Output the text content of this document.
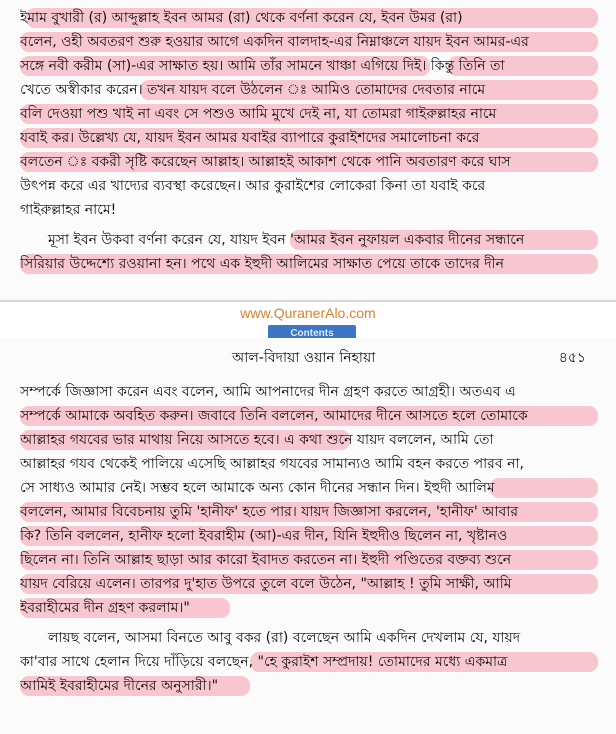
www.QuranerAlo.com
Contents
ইমাম বুখারী (র) আব্দুল্লাহ ইবন আমর (রা) থেকে বর্ণনা করেন যে, ইবন উমর (রা)
বলেন, ওহী অবতরণ শুরু হওয়ার আগে একদিন বালদাহ-এর নিম্নাঞ্চলে যায়দ ইবন আমর-এর
সঙ্গে নবী করীম (সা)-এর সাক্ষাত হয়। আমি তাঁর সামনে খাঞ্চা এগিয়ে দিই। কিন্তু তিনি তা
খেতে অস্বীকার করেন। তখন যায়দ বলে উঠলেন ঃ আমিও তোমাদের দেবতার নামে
বলি দেওয়া পশু খাই না এবং সে পশুও আমি মুখে দেই না, যা তোমরা গাইরুল্লাহর নামে
যবাই কর। উল্লেখ্য যে, যায়দ ইবন আমর যবাইর ব্যাপারে কুরাইশদের সমালোচনা করে
বলতেন ঃ বকরী সৃষ্টি করেছেন আল্লাহ। আল্লাহই আকাশ থেকে পানি অবতারণ করে ঘাস
উৎপন্ন করে এর খাদ্যের ব্যবস্থা করেছেন। আর কুরাইশের লোকেরা কিনা তা যবাই করে
গাইরুল্লাহর নামে!
মূসা ইবন উকবা বর্ণনা করেন যে, যায়দ ইবন 'আমর ইবন নুফায়ল একবার দীনের সন্ধানে
সিরিয়ার উদ্দেশ্যে রওয়ানা হন। পথে এক ইহুদী আলিমের সাক্ষাত পেয়ে তাকে তাদের দীন
আল-বিদায়া ওয়ান নিহায়া	৪৫১
সম্পর্কে জিজ্ঞাসা করেন এবং বলেন, আমি আপনাদের দীন গ্রহণ করতে আগ্রহী। অতএব এ
সম্পর্কে আমাকে অবহিত করুন। জবাবে তিনি বললেন, আমাদের দীনে আসতে হলে তোমাকে
আল্লাহর গযবের ভার মাথায় নিয়ে আসতে হবে। এ কথা শুনে যায়দ বললেন, আমি তো
আল্লাহর গযব থেকেই পালিয়ে এসেছি আল্লাহর গযবের সামান্যও আমি বহন করতে পারব না,
সে সাধ্যও আমার নেই। সম্ভব হলে আমাকে অন্য কোন দীনের সন্ধান দিন। ইহুদী আলিম
বললেন, আমার বিবেচনায় তুমি 'হানীফ' হতে পার। যায়দ জিজ্ঞাসা করলেন, 'হানীফ' আবার
কি? তিনি বললেন, হানীফ হলো ইবরাহীম (আ)-এর দীন, যিনি ইহুদীও ছিলেন না, খৃষ্টানও
ছিলেন না। তিনি আল্লাহ ছাড়া আর কারো ইবাদত করতেন না। ইহুদী পণ্ডিতের বক্তব্য শুনে
যায়দ বেরিয়ে এলেন। তারপর দু'হাত উপরে তুলে বলে উঠেন, "আল্লাহ ! তুমি সাক্ষী, আমি
ইবরাহীমের দীন গ্রহণ করলাম।"
লায়ছ বলেন, আসমা বিনতে আবু বকর (রা) বলেছেন আমি একদিন দেখলাম যে, যায়দ
কা'বার সাথে হেলান দিয়ে দাঁড়িয়ে বলছেন, "হে কুরাইশ সম্প্রদায়! তোমাদের মধ্যে একমাত্র
আমিই ইবরাহীমের দীনের অনুসারী।"
